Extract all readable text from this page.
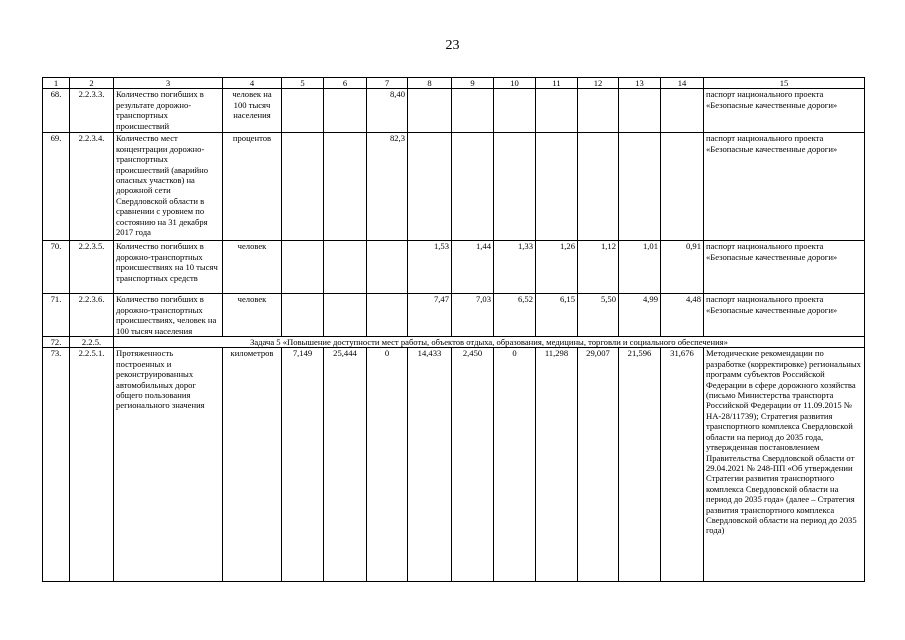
23
1	2	3	4	5	6	7	8	9	10	11	12	13	14	15
68.	2.2.3.3.	Количество погибших в результате дорожно-транспортных происшествий	человек на 100 тысяч населения			8,40								паспорт национального проекта «Безопасные качественные дороги»
69.	2.2.3.4.	Количество мест концентрации дорожно-транспортных происшествий (аварийно опасных участков) на дорожной сети Свердловской области в сравнении с уровнем по состоянию на 31 декабря 2017 года	процентов			82,3								паспорт национального проекта «Безопасные качественные дороги»
70.	2.2.3.5.	Количество погибших в дорожно-транспортных происшествиях на 10 тысяч транспортных средств	человек				1,53	1,44	1,33	1,26	1,12	1,01	0,91	паспорт национального проекта «Безопасные качественные дороги»
71.	2.2.3.6.	Количество погибших в дорожно-транспортных происшествиях, человек на 100 тысяч населения	человек				7,47	7,03	6,52	6,15	5,50	4,99	4,48	паспорт национального проекта «Безопасные качественные дороги»
72.	2.2.5.	Задача 5 «Повышение доступности мест работы, объектов отдыха, образования, медицины, торговли и социального обеспечения»												
73.	2.2.5.1.	Протяженность построенных и реконструированных автомобильных дорог общего пользования регионального значения	километров	7,149	25,444	0	14,433	2,450	0	11,298	29,007	21,596	31,676	Методические рекомендации по разработке (корректировке) региональных программ субъектов Российской Федерации в сфере дорожного хозяйства (письмо Министерства транспорта Российской Федерации от 11.09.2015 № НА-28/11739); Стратегия развития транспортного комплекса Свердловской области на период до 2035 года, утвержденная постановлением Правительства Свердловской области от 29.04.2021 № 248-ПП «Об утверждении Стратегии развития транспортного комплекса Свердловской области на период до 2035 года» (далее – Стратегия развития транспортного комплекса Свердловской области на период до 2035 года)
